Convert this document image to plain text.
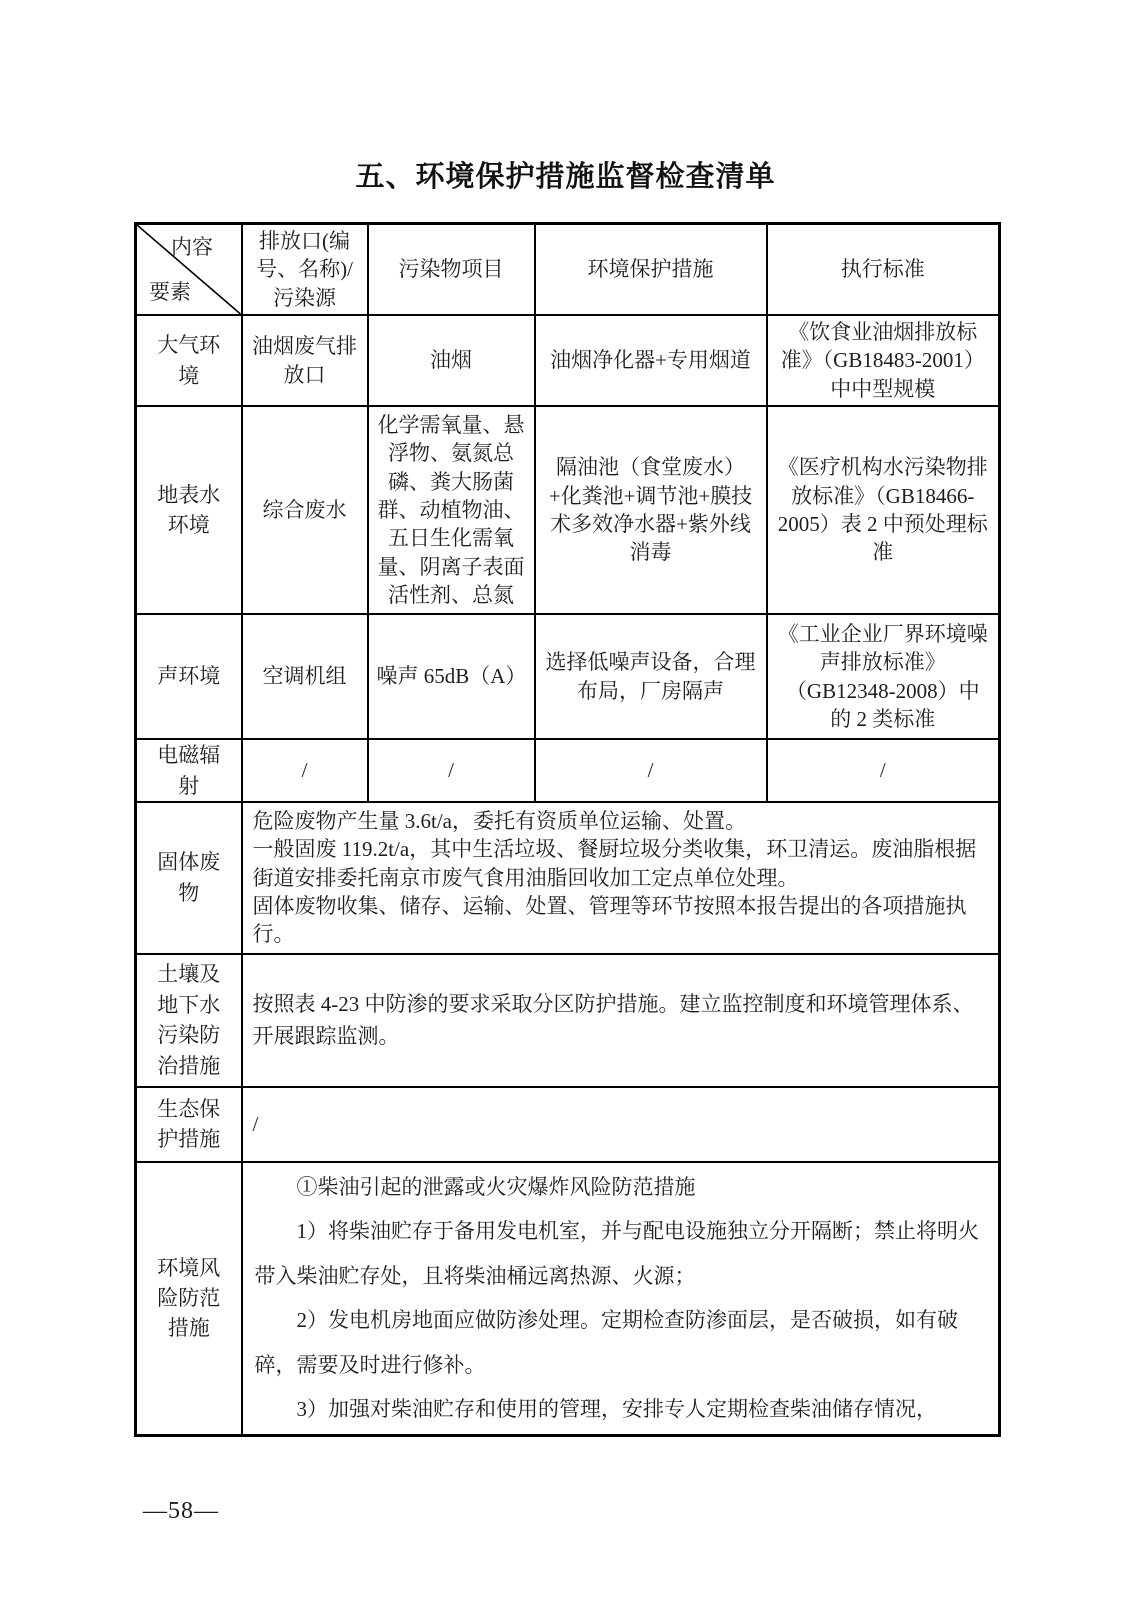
五、环境保护措施监督检查清单
内容
要素	排放口(编号、名称)/污染源	污染物项目	环境保护措施	执行标准
大气环境	油烟废气排放口	油烟	油烟净化器+专用烟道	《饮食业油烟排放标准》（GB18483-2001）中中型规模
地表水环境	综合废水	化学需氧量、悬浮物、氨氮总磷、粪大肠菌群、动植物油、五日生化需氧量、阴离子表面活性剂、总氮	隔油池（食堂废水）+化粪池+调节池+膜技术多效净水器+紫外线消毒	《医疗机构水污染物排放标准》（GB18466-2005）表 2 中预处理标准
声环境	空调机组	噪声 65dB（A）	选择低噪声设备，合理布局，厂房隔声	《工业企业厂界环境噪声排放标准》（GB12348-2008）中的 2 类标准
电磁辐射	/	/	/	/
固体废物	危险废物产生量 3.6t/a，委托有资质单位运输、处置。

一般固废 119.2t/a，其中生活垃圾、餐厨垃圾分类收集，环卫清运。废油脂根据街道安排委托南京市废气食用油脂回收加工定点单位处理。

固体废物收集、储存、运输、处置、管理等环节按照本报告提出的各项措施执行。			

土壤及地下水污染防治措施	按照表 4-23 中防渗的要求采取分区防护措施。建立监控制度和环境管理体系、开展跟踪监测。			

生态保护措施	/			

环境风险防范措施	①柴油引起的泄露或火灾爆炸风险防范措施

1）将柴油贮存于备用发电机室，并与配电设施独立分开隔断；禁止将明火带入柴油贮存处，且将柴油桶远离热源、火源；

2）发电机房地面应做防渗处理。定期检查防渗面层，是否破损，如有破碎，需要及时进行修补。

3）加强对柴油贮存和使用的管理，安排专人定期检查柴油储存情况，			

—58—
